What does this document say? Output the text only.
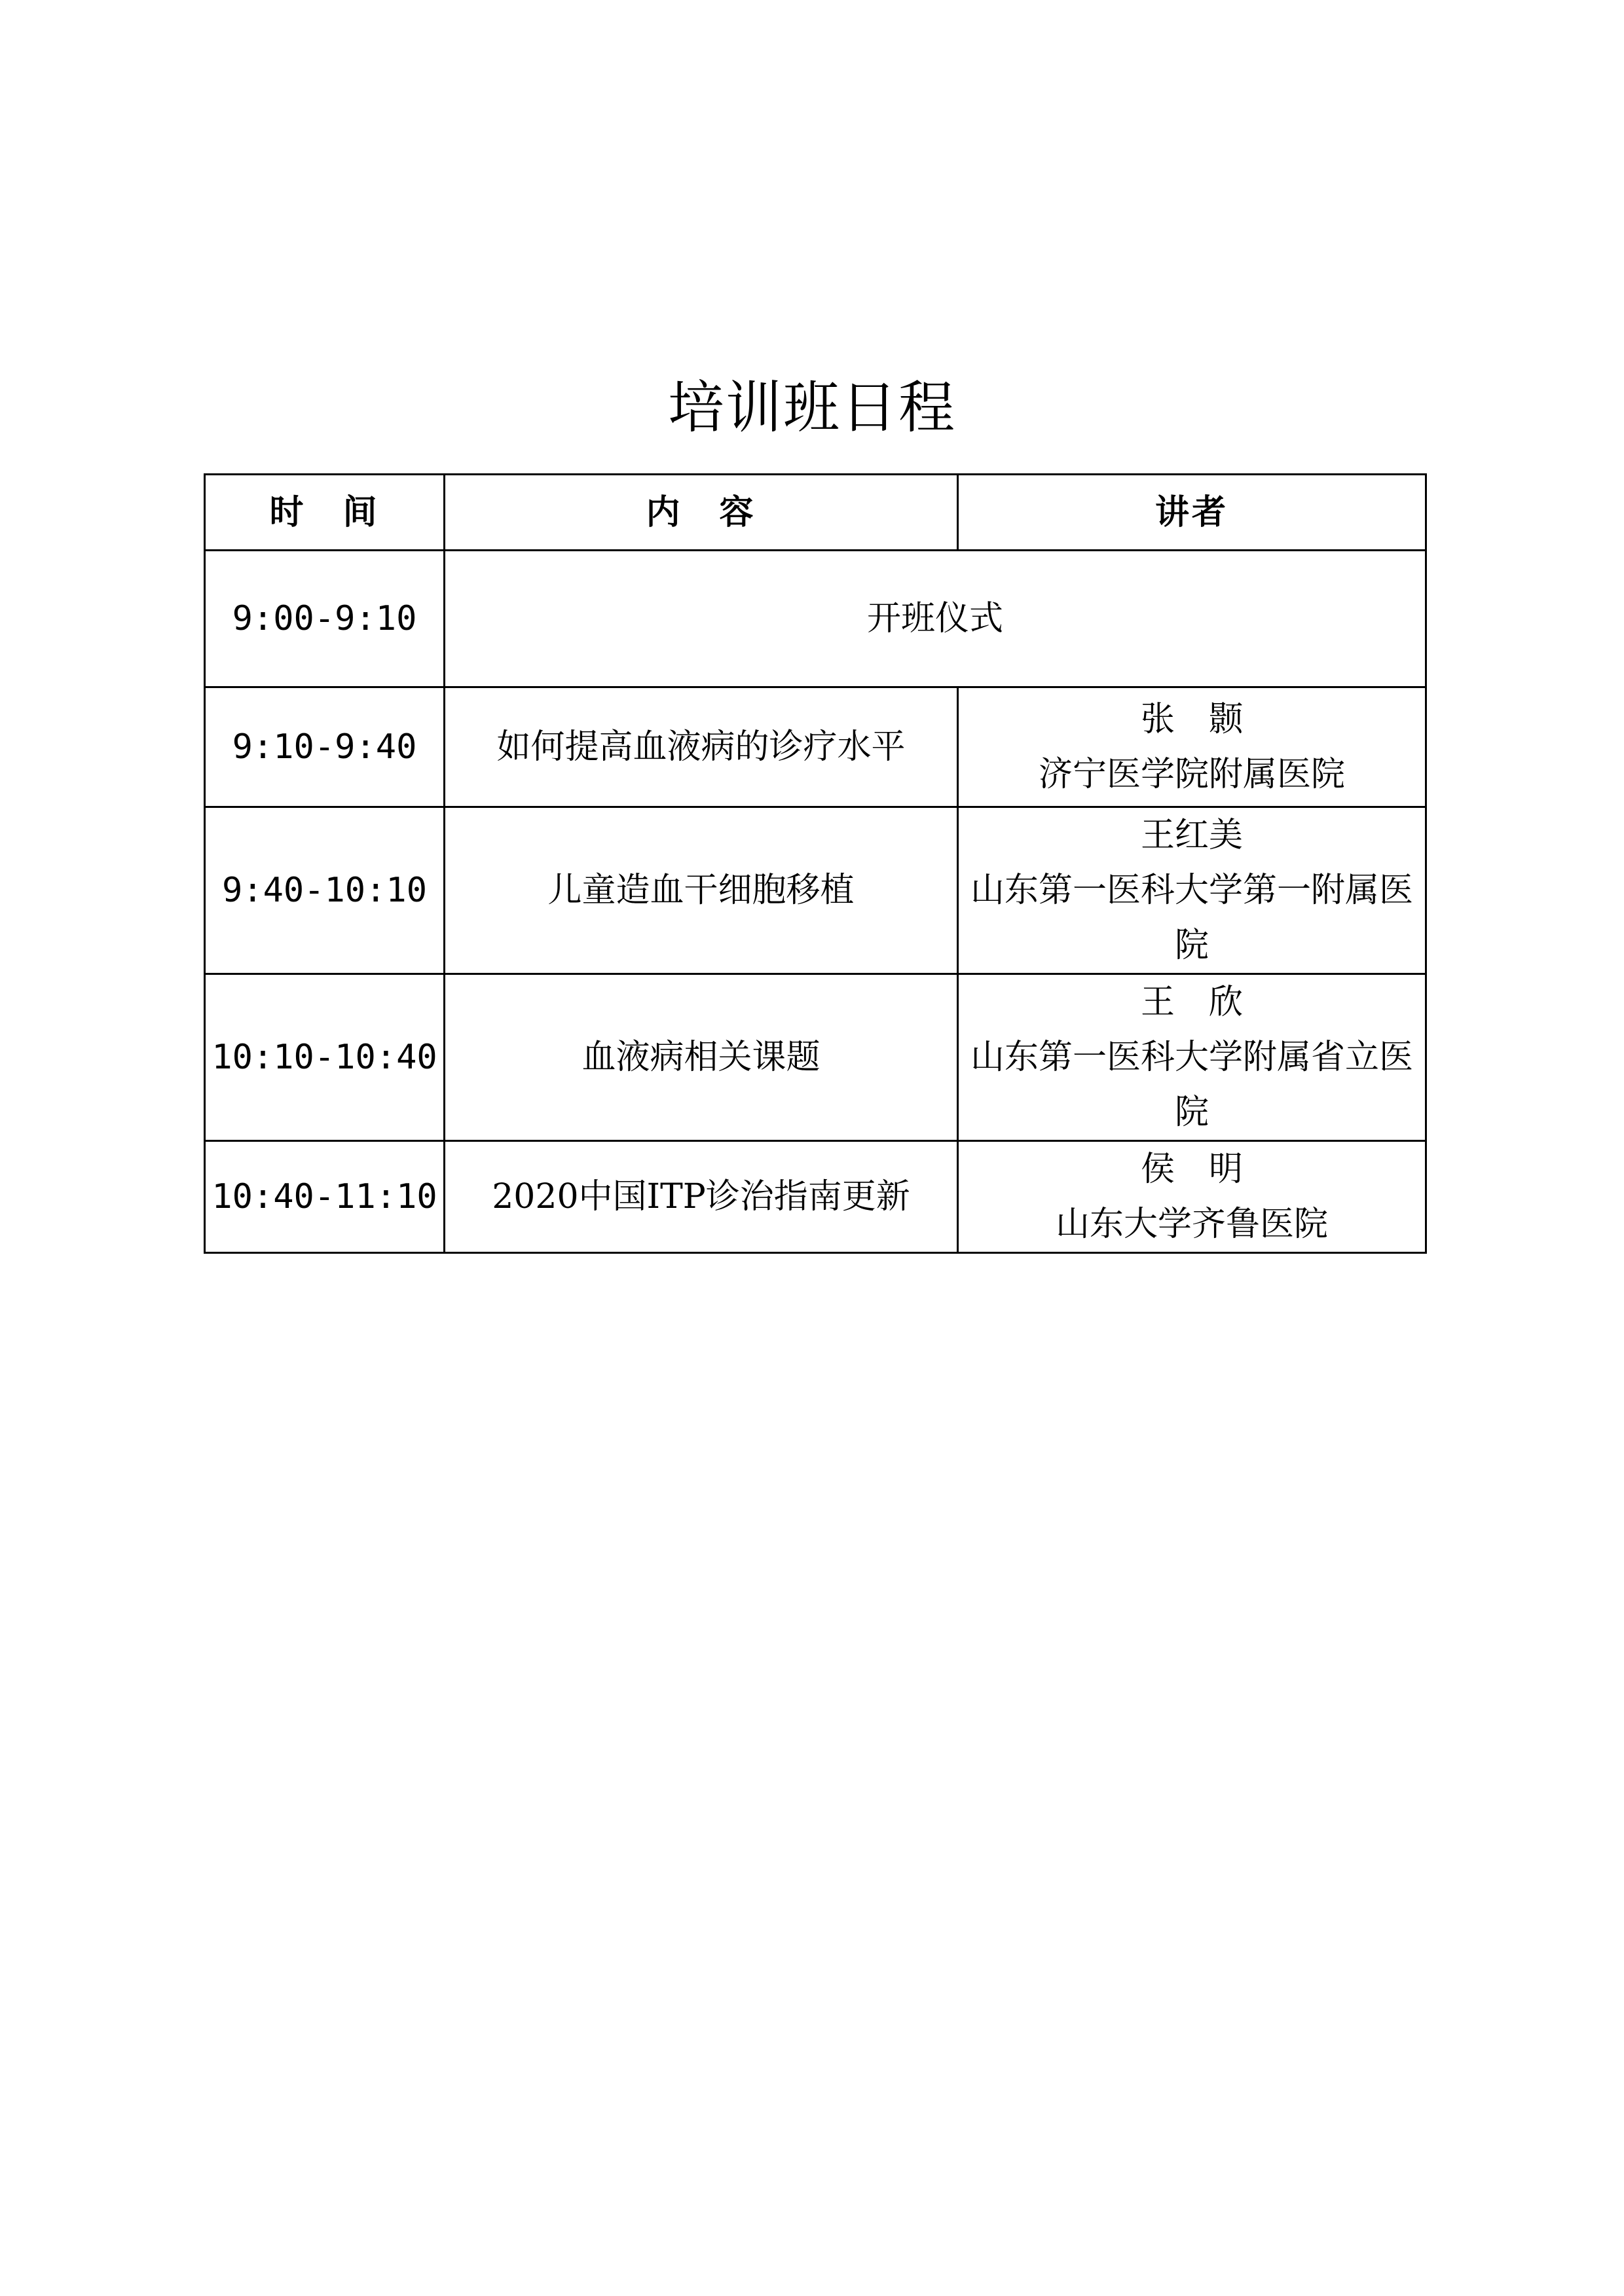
培训班日程
时　间	内　容	讲者
9:00-9:10	开班仪式	
9:10-9:40	如何提高血液病的诊疗水平	张　颢
济宁医学院附属医院

9:40-10:10	儿童造血干细胞移植	王红美
山东第一医科大学第一附属医院

10:10-10:40	血液病相关课题	王　欣
山东第一医科大学附属省立医院

10:40-11:10	2020中国ITP诊治指南更新	侯　明
山东大学齐鲁医院
